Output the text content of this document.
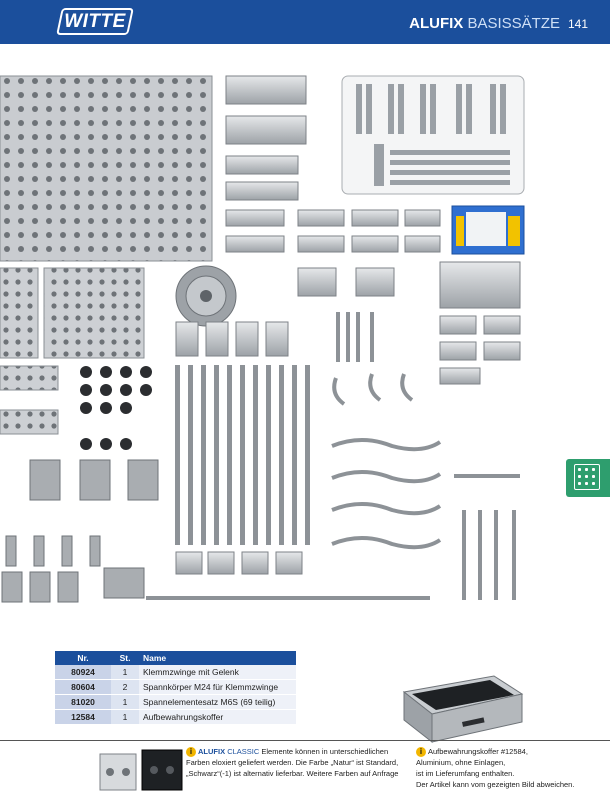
WITTE	ALUFIX BASISSÄTZE 141
Nr.	St.	Name
80924	1	Klemmzwinge mit Gelenk
80604	2	Spannkörper M24 für Klemmzwinge
81020	1	Spannelementesatz M6S (69 teilig)
12584	1	Aufbewahrungskoffer
i ALUFIX CLASSIC Elemente können in unterschiedlichen Farben eloxiert geliefert werden. Die Farbe „Natur“ ist Standard, „Schwarz“(-1) ist alternativ lieferbar. Weitere Farben auf Anfrage
i Aufbewahrungskoffer #12584,
Aluminium, ohne Einlagen,
ist im Lieferumfang enthalten.
Der Artikel kann vom gezeigten Bild abweichen.
